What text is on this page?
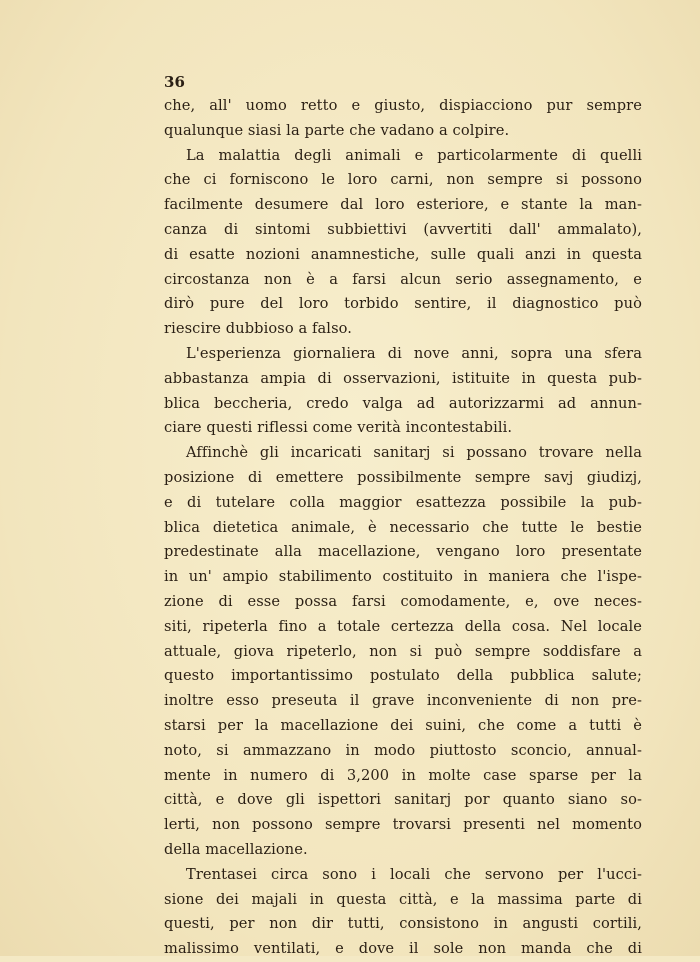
36
che, all' uomo retto e giusto, dispiacciono pur sempre
qualunque siasi la parte che vadano a colpire.
La malattia degli animali e particolarmente di quelli
che ci forniscono le loro carni, non sempre si possono
facilmente desumere dal loro esteriore, e stante la man-
canza di sintomi subbiettivi (avvertiti dall' ammalato),
di esatte nozioni anamnestiche, sulle quali anzi in questa
circostanza non è a farsi alcun serio assegnamento, e
dirò pure del loro torbido sentire, il diagnostico può
riescire dubbioso a falso.
L'esperienza giornaliera di nove anni, sopra una sfera
abbastanza ampia di osservazioni, istituite in questa pub-
blica beccheria, credo valga ad autorizzarmi ad annun-
ciare questi riflessi come verità incontestabili.
Affinchè gli incaricati sanitarj si possano trovare nella
posizione di emettere possibilmente sempre savj giudizj,
e di tutelare colla maggior esattezza possibile la pub-
blica dietetica animale, è necessario che tutte le bestie
predestinate alla macellazione, vengano loro presentate
in un' ampio stabilimento costituito in maniera che l'ispe-
zione di esse possa farsi comodamente, e, ove neces-
siti, ripeterla fino a totale certezza della cosa. Nel locale
attuale, giova ripeterlo, non si può sempre soddisfare a
questo importantissimo postulato della pubblica salute;
inoltre esso preseuta il grave inconveniente di non pre-
starsi per la macellazione dei suini, che come a tutti è
noto, si ammazzano in modo piuttosto sconcio, annual-
mente in numero di 3,200 in molte case sparse per la
città, e dove gli ispettori sanitarj por quanto siano so-
lerti, non possono sempre trovarsi presenti nel momento
della macellazione.
Trentasei circa sono i locali che servono per l'ucci-
sione dei majali in questa città, e la massima parte di
questi, per non dir tutti, consistono in angusti cortili,
malissimo ventilati, e dove il sole non manda che di
